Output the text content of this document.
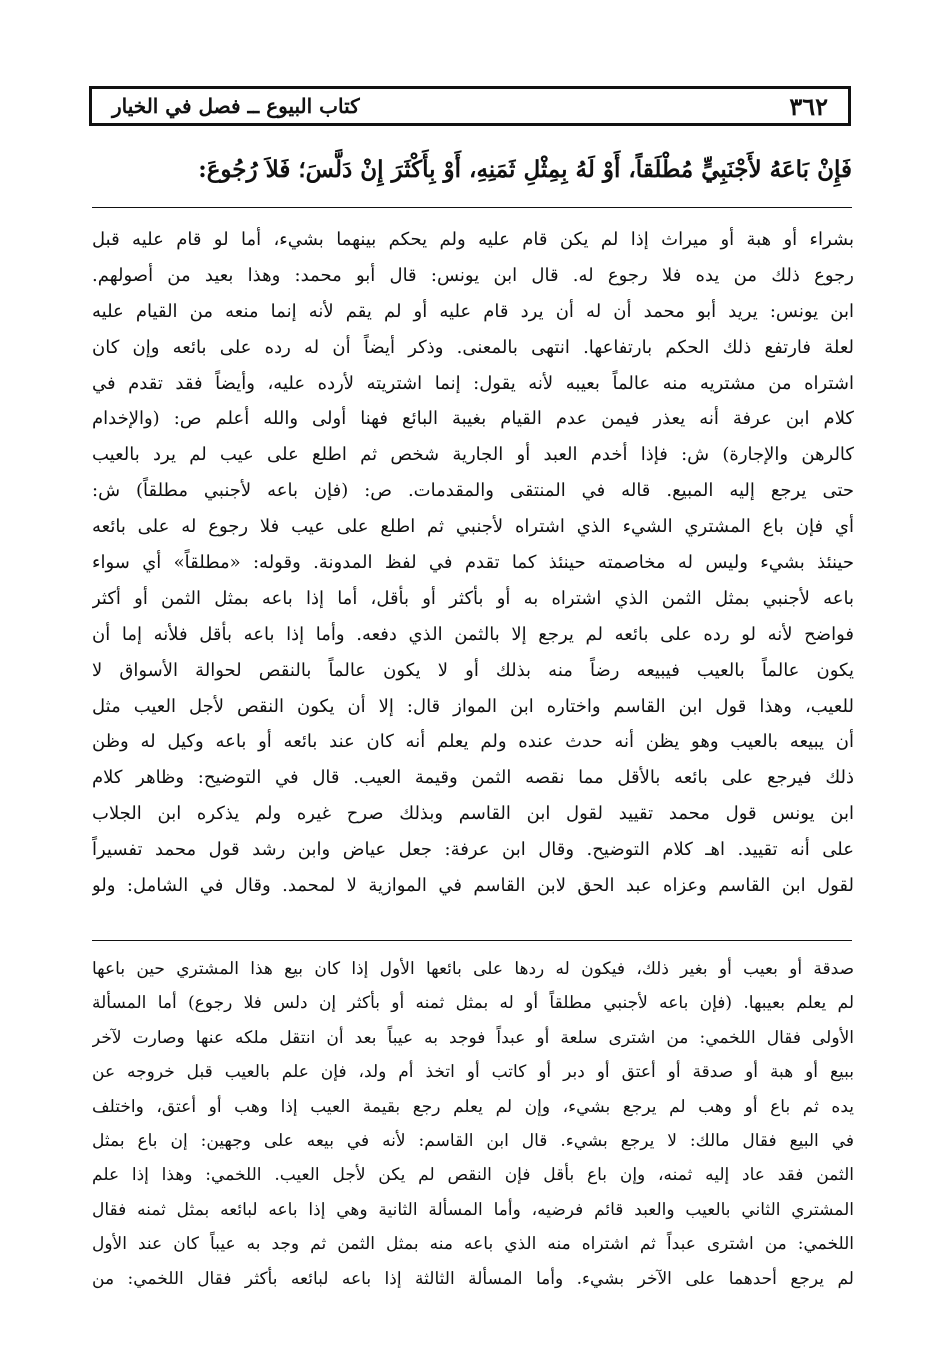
٣٦٢
كتاب البيوع ــ فصل في الخيار
فَإِنْ بَاعَهُ لأَجْنَبِيٍّ مُطْلَقاً، أَوْ لَهُ بِمِثْلِ ثَمَنِهِ، أَوْ بِأَكْثَرَ إِنْ دَلَّسَ؛ فَلاَ رُجُوعَ:
بشراء أو هبة أو ميراث إذا لم يكن قام عليه ولم يحكم بينهما بشيء، أما لو قام عليه قبل
رجوع ذلك من يده فلا رجوع له. قال ابن يونس: قال أبو محمد: وهذا بعيد من أصولهم.
ابن يونس: يريد أبو محمد أن له أن يرد قام عليه أو لم يقم لأنه إنما منعه من القيام عليه
لعلة فارتفع ذلك الحكم بارتفاعها. انتهى بالمعنى. وذكر أيضاً أن له رده على بائعه وإن كان
اشتراه من مشتريه منه عالماً بعيبه لأنه يقول: إنما اشتريته لأرده عليه، وأيضاً فقد تقدم في
كلام ابن عرفة أنه يعذر فيمن عدم القيام بغيبة البائع فهنا أولى والله أعلم ص: (والإخدام
كالرهن والإجارة) ش: فإذا أخدم العبد أو الجارية شخص ثم اطلع على عيب لم يرد بالعيب
حتى يرجع إليه المبيع. قاله في المنتقى والمقدمات. ص: (فإن باعه لأجنبي مطلقاً) ش:
أي فإن باع المشتري الشيء الذي اشتراه لأجنبي ثم اطلع على عيب فلا رجوع له على بائعه
حينئذ بشيء وليس له مخاصمته حينئذ كما تقدم في لفظ المدونة. وقوله: «مطلقاً» أي سواء
باعه لأجنبي بمثل الثمن الذي اشتراه به أو بأكثر أو بأقل، أما إذا باعه بمثل الثمن أو أكثر
فواضح لأنه لو رده على بائعه لم يرجع إلا بالثمن الذي دفعه. وأما إذا باعه بأقل فلأنه إما أن
يكون عالماً بالعيب فيبيعه رضاً منه بذلك أو لا يكون عالماً بالنقص لحوالة الأسواق لا
للعيب، وهذا قول ابن القاسم واختاره ابن المواز قال: إلا أن يكون النقص لأجل العيب مثل
أن يبيعه بالعيب وهو يظن أنه حدث عنده ولم يعلم أنه كان عند بائعه أو باعه وكيل له وظن
ذلك فيرجع على بائعه بالأقل مما نقصه الثمن وقيمة العيب. قال في التوضيح: وظاهر كلام
ابن يونس قول محمد تقييد لقول ابن القاسم وبذلك صرح غيره ولم يذكره ابن الجلاب
على أنه تقييد. اهـ كلام التوضيح. وقال ابن عرفة: جعل عياض وابن رشد قول محمد تفسيراً
لقول ابن القاسم وعزاه عبد الحق لابن القاسم في الموازية لا لمحمد. وقال في الشامل: ولو
صدقة أو بعيب أو بغير ذلك، فيكون له ردها على بائعها الأول إذا كان بيع هذا المشتري حين باعها
لم يعلم بعيبها. (فإن باعه لأجنبي مطلقاً أو له بمثل ثمنه أو بأكثر إن دلس فلا رجوع) أما المسألة
الأولى فقال اللخمي: من اشترى سلعة أو عبداً فوجد به عيباً بعد أن انتقل ملكه عنها وصارت لآخر
ببيع أو هبة أو صدقة أو أعتق أو دبر أو كاتب أو اتخذ أم ولد، فإن علم بالعيب قبل خروجه عن
يده ثم باع أو وهب لم يرجع بشيء، وإن لم يعلم رجع بقيمة العيب إذا وهب أو أعتق، واختلف
في البيع فقال مالك: لا يرجع بشيء. قال ابن القاسم: لأنه في بيعه على وجهين: إن باع بمثل
الثمن فقد عاد إليه ثمنه، وإن باع بأقل فإن النقص لم يكن لأجل العيب. اللخمي: وهذا إذا علم
المشتري الثاني بالعيب والعبد قائم فرضيه، وأما المسألة الثانية وهي إذا باعه لبائعه بمثل ثمنه فقال
اللخمي: من اشترى عبداً ثم اشتراه منه الذي باعه منه بمثل الثمن ثم وجد به عيباً كان عند الأول
لم يرجع أحدهما على الآخر بشيء. وأما المسألة الثالثة إذا باعه لبائعه بأكثر فقال اللخمي: من
